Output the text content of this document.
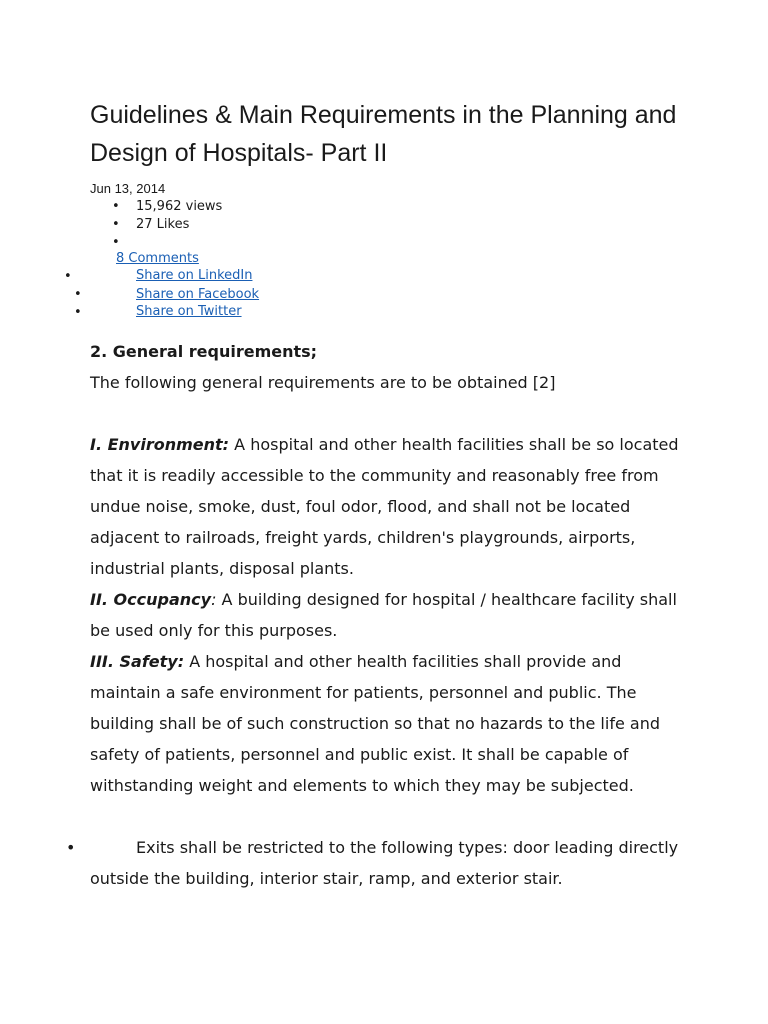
Guidelines & Main Requirements in the Planning and Design of Hospitals- Part II
Jun 13, 2014
• 15,962 views
• 27 Likes
•
8 Comments
•	Share on LinkedIn
•	Share on Facebook
•	Share on Twitter
2. General requirements;
The following general requirements are to be obtained [2]
I. Environment: A hospital and other health facilities shall be so located that it is readily accessible to the community and reasonably free from undue noise, smoke, dust, foul odor, flood, and shall not be located adjacent to railroads, freight yards, children's playgrounds, airports, industrial plants, disposal plants.
II. Occupancy: A building designed for hospital / healthcare facility shall be used only for this purposes.
III. Safety: A hospital and other health facilities shall provide and maintain a safe environment for patients, personnel and public. The building shall be of such construction so that no hazards to the life and safety of patients, personnel and public exist. It shall be capable of withstanding weight and elements to which they may be subjected.
•	Exits shall be restricted to the following types: door leading directly outside the building, interior stair, ramp, and exterior stair.
